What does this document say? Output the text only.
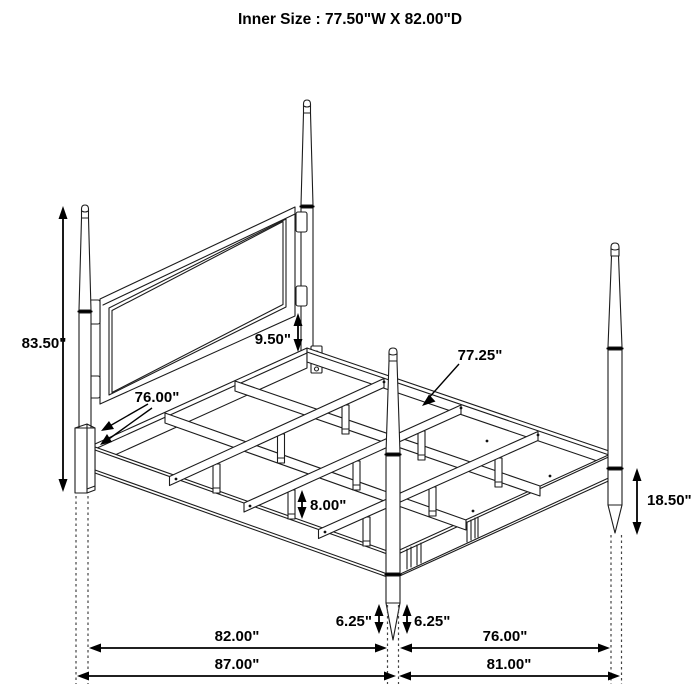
Inner Size : 77.50"W X 82.00"D
83.50"	9.50"
77.25"
76.00"
8.00"	18.50"
6.25"	6.25"
82.00"	76.00"
87.00"	81.00"
